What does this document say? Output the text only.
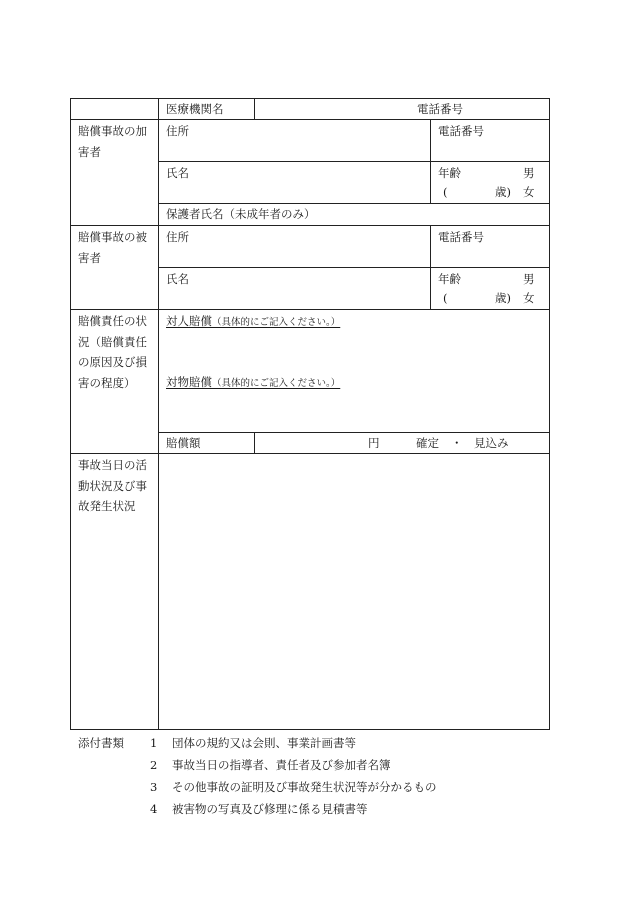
医療機関名	電話番号
賠償事故の加害者
住所	電話番号
氏名	年齢	男
(	歳) 女
保護者氏名（未成年者のみ）
賠償事故の被害者
住所	電話番号
氏名	年齢	男
(	歳) 女
賠償責任の状況（賠償責任の原因及び損害の程度）
対人賠償（具体的にご記入ください。）
対物賠償（具体的にご記入ください。）
賠償額	円	確定 ・ 見込み
事故当日の活動状況及び事故発生状況
添付書類 1 団体の規約又は会則、事業計画書等
2 事故当日の指導者、責任者及び参加者名簿
3 その他事故の証明及び事故発生状況等が分かるもの
4 被害物の写真及び修理に係る見積書等
